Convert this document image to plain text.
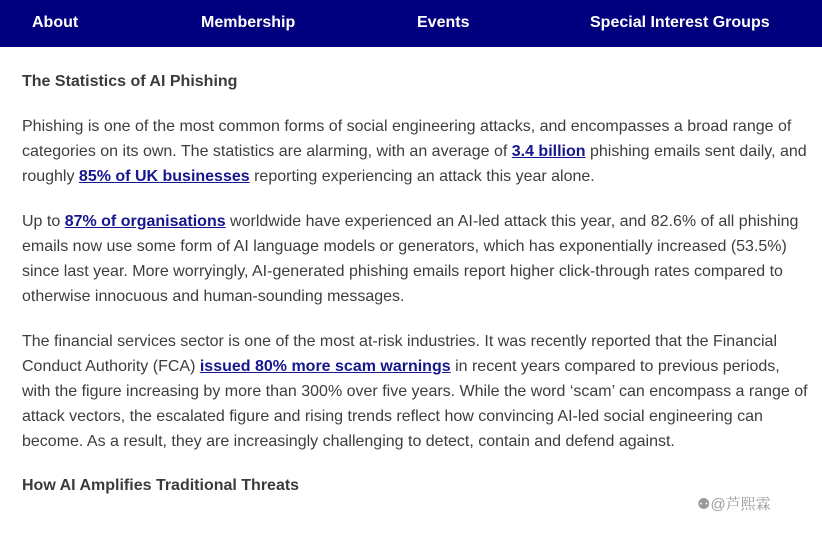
About	Membership	Events	Special Interest Groups
The Statistics of AI Phishing

Phishing is one of the most common forms of social engineering attacks, and encompasses a broad range of categories on its own. The statistics are alarming, with an average of 3.4 billion phishing emails sent daily, and roughly 85% of UK businesses reporting experiencing an attack this year alone.

Up to 87% of organisations worldwide have experienced an AI-led attack this year, and 82.6% of all phishing emails now use some form of AI language models or generators, which has exponentially increased (53.5%) since last year. More worryingly, AI-generated phishing emails report higher click-through rates compared to otherwise innocuous and human-sounding messages.

The financial services sector is one of the most at-risk industries. It was recently reported that the Financial Conduct Authority (FCA) issued 80% more scam warnings in recent years compared to previous periods, with the figure increasing by more than 300% over five years. While the word ‘scam’ can encompass a range of attack vectors, the escalated figure and rising trends reflect how convincing AI-led social engineering can become. As a result, they are increasingly challenging to detect, contain and defend against.

How AI Amplifies Traditional Threats
⚉@芦熙霖
